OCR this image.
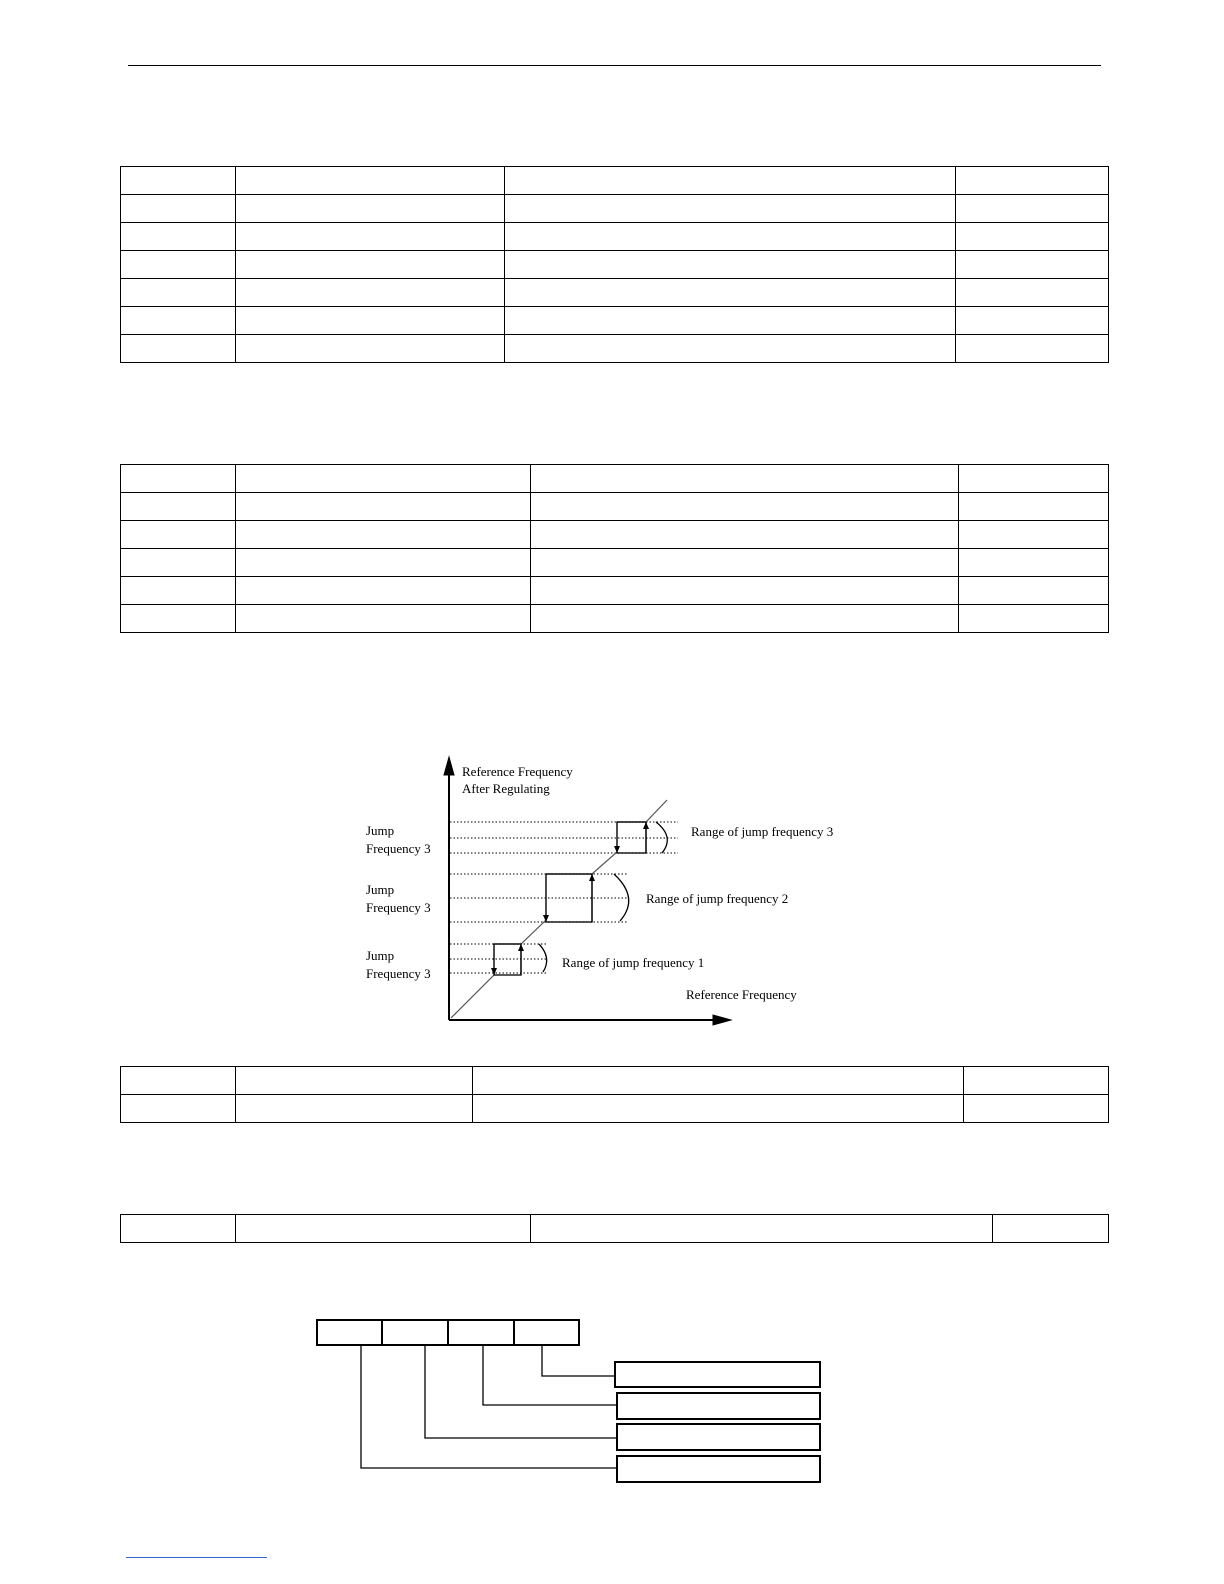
Reference Frequency
After Regulating
Reference Frequency
Jump
Frequency 3
Jump
Frequency 3
Jump
Frequency 3
Range of jump frequency 3
Range of jump frequency 2
Range of jump frequency 1
